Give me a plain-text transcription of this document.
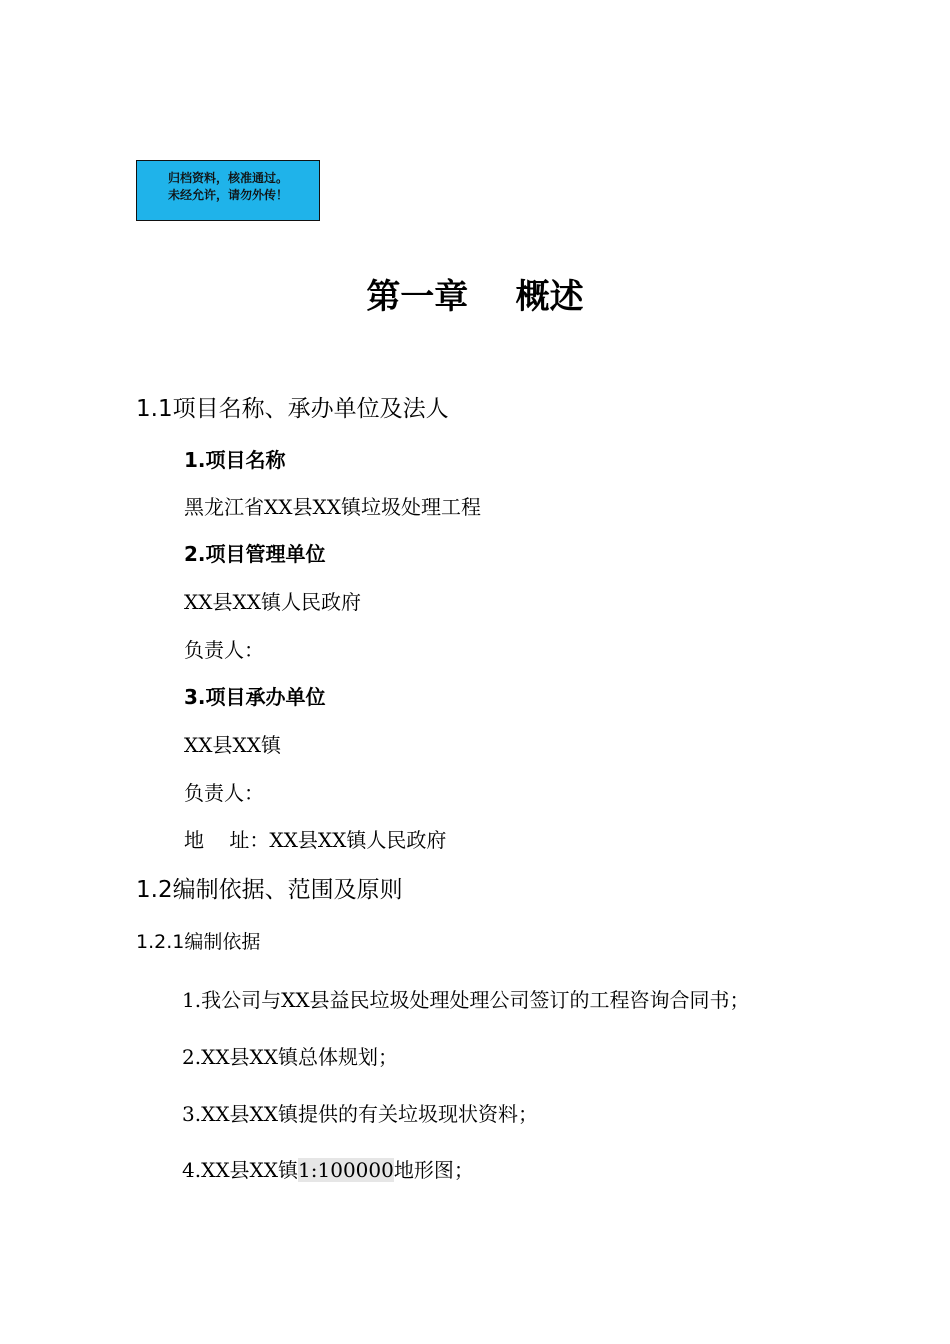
归档资料，核准通过。
未经允许，请勿外传！
第一章    概述
1.1项目名称、承办单位及法人
1.项目名称
黑龙江省XX县XX镇垃圾处理工程
2.项目管理单位
XX县XX镇人民政府
负责人：
3.项目承办单位
XX县XX镇
负责人：
地    址：XX县XX镇人民政府
1.2编制依据、范围及原则
1.2.1编制依据
1.我公司与XX县益民垃圾处理处理公司签订的工程咨询合同书；
2.XX县XX镇总体规划；
3.XX县XX镇提供的有关垃圾现状资料；
4.XX县XX镇1:100000地形图；
